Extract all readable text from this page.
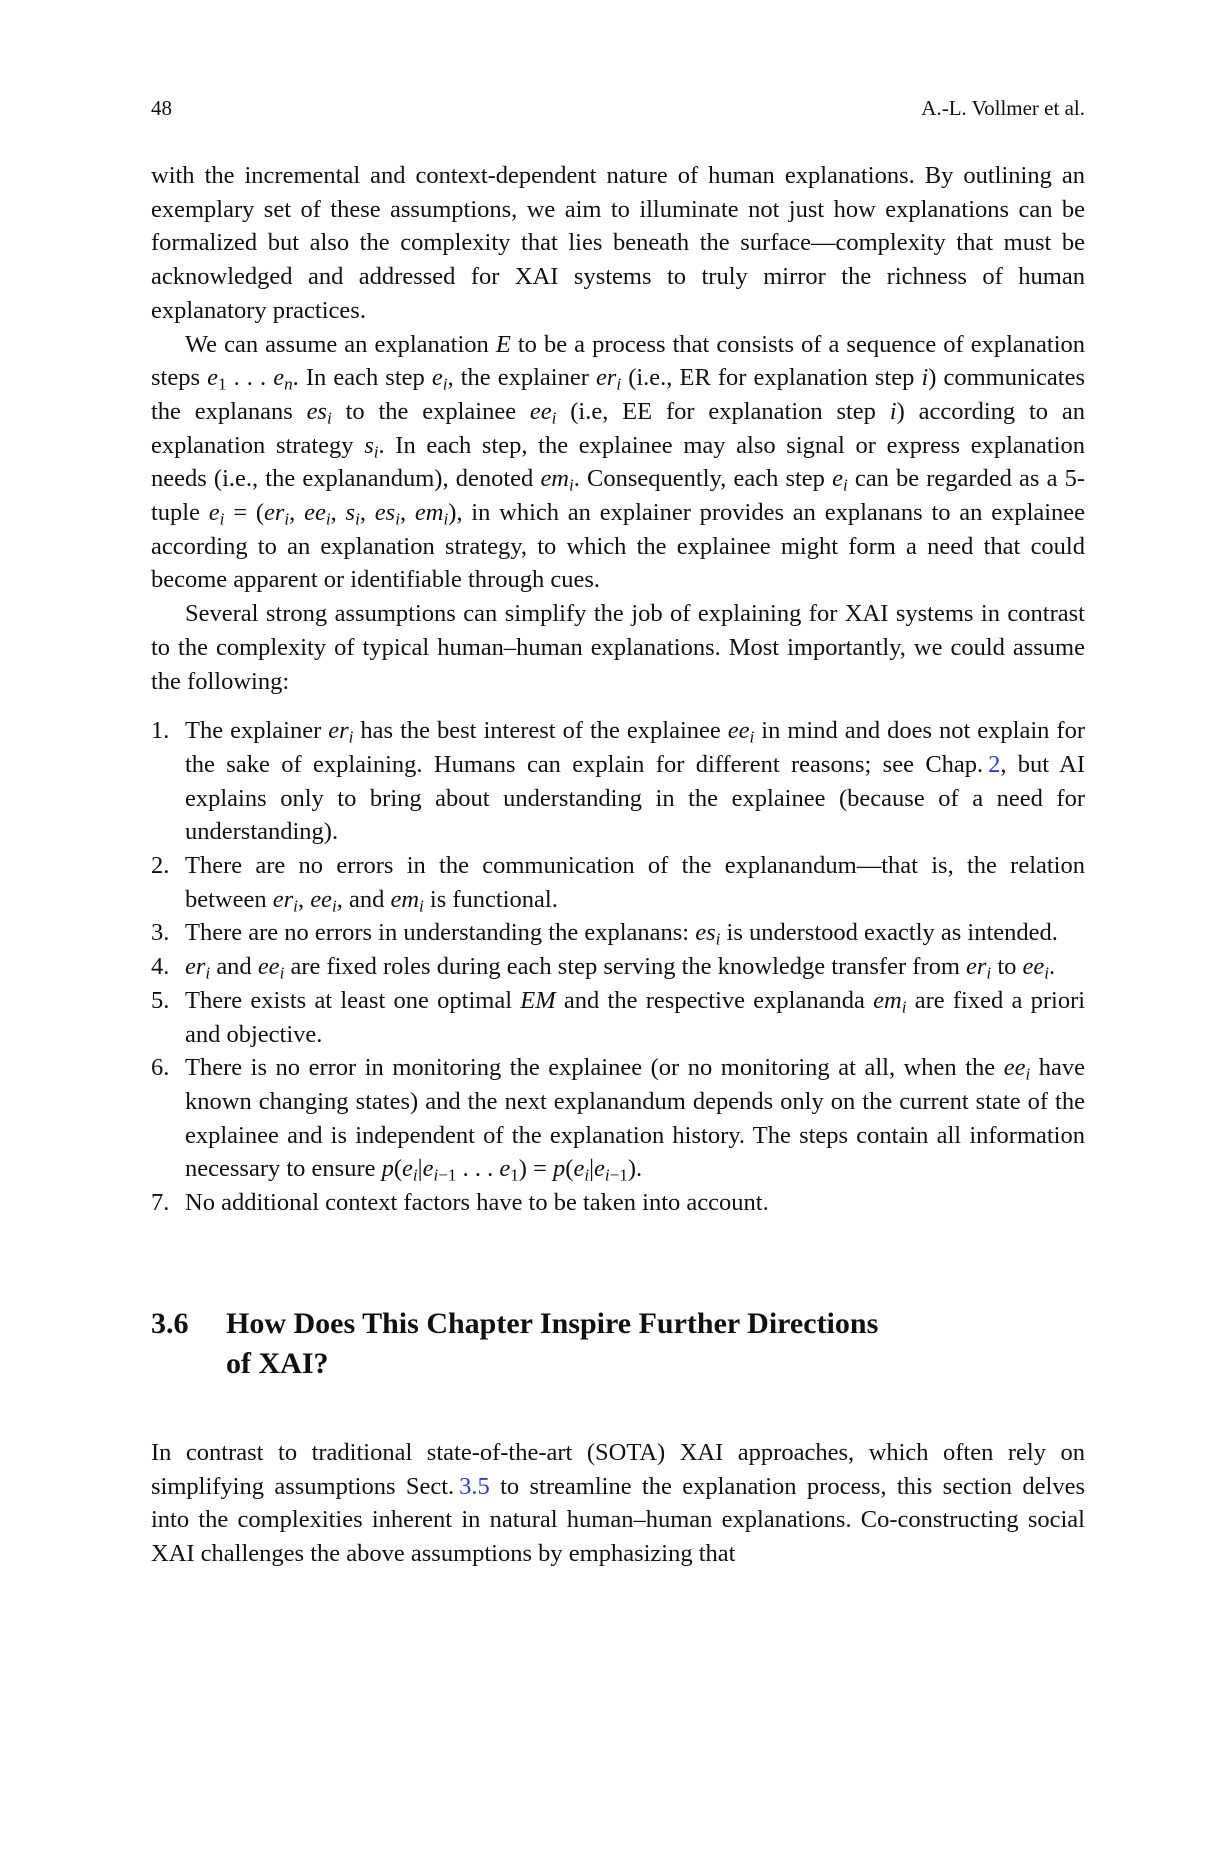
48	A.-L. Vollmer et al.

with the incremental and context-dependent nature of human explanations. By outlining an exemplary set of these assumptions, we aim to illuminate not just how explanations can be formalized but also the complexity that lies beneath the surface—complexity that must be acknowledged and addressed for XAI systems to truly mirror the richness of human explanatory practices.

We can assume an explanation E to be a process that consists of a sequence of explanation steps $e_1$ . . . $e_n$. In each step $e_i$, the explainer $er_i$ (i.e., ER for explanation step i) communicates the explanans $es_i$ to the explainee $ee_i$ (i.e, EE for explanation step i) according to an explanation strategy $s_i$. In each step, the explainee may also signal or express explanation needs (i.e., the explanandum), denoted $em_i$. Consequently, each step $e_i$ can be regarded as a 5-tuple $e_i = (er_i$, $ee_i$, $s_i$, $es_i$, $em_i$), in which an explainer provides an explanans to an explainee according to an explanation strategy, to which the explainee might form a need that could become apparent or identifiable through cues.

Several strong assumptions can simplify the job of explaining for XAI systems in contrast to the complexity of typical human–human explanations. Most importantly, we could assume the following:

1. The explainer $er_i$ has the best interest of the explainee $ee_i$ in mind and does not explain for the sake of explaining. Humans can explain for different reasons; see Chap.  2, but AI explains only to bring about understanding in the explainee (because of a need for understanding).
2. There are no errors in the communication of the explanandum—that is, the relation between $er_i$, $ee_i$, and $em_i$ is functional.
3. There are no errors in understanding the explanans: $es_i$ is understood exactly as intended.
4. $er_i$ and $ee_i$ are fixed roles during each step serving the knowledge transfer from $er_i$ to $ee_i$.
5. There exists at least one optimal EM and the respective explananda $em_i$ are fixed a priori and objective.
6. There is no error in monitoring the explainee (or no monitoring at all, when the $ee_i$ have known changing states) and the next explanandum depends only on the current state of the explainee and is independent of the explanation history. The steps contain all information necessary to ensure $p(e_i|e_{i-1}$ . . . $e_1) = p(e_i|e_{i-1})$.
7. No additional context factors have to be taken into account.
3.6	How Does This Chapter Inspire Further Directions
of XAI?

In contrast to traditional state-of-the-art (SOTA) XAI approaches, which often rely on simplifying assumptions Sect.  3.5 to streamline the explanation process, this section delves into the complexities inherent in natural human–human explanations. Co-constructing social XAI challenges the above assumptions by emphasizing that
